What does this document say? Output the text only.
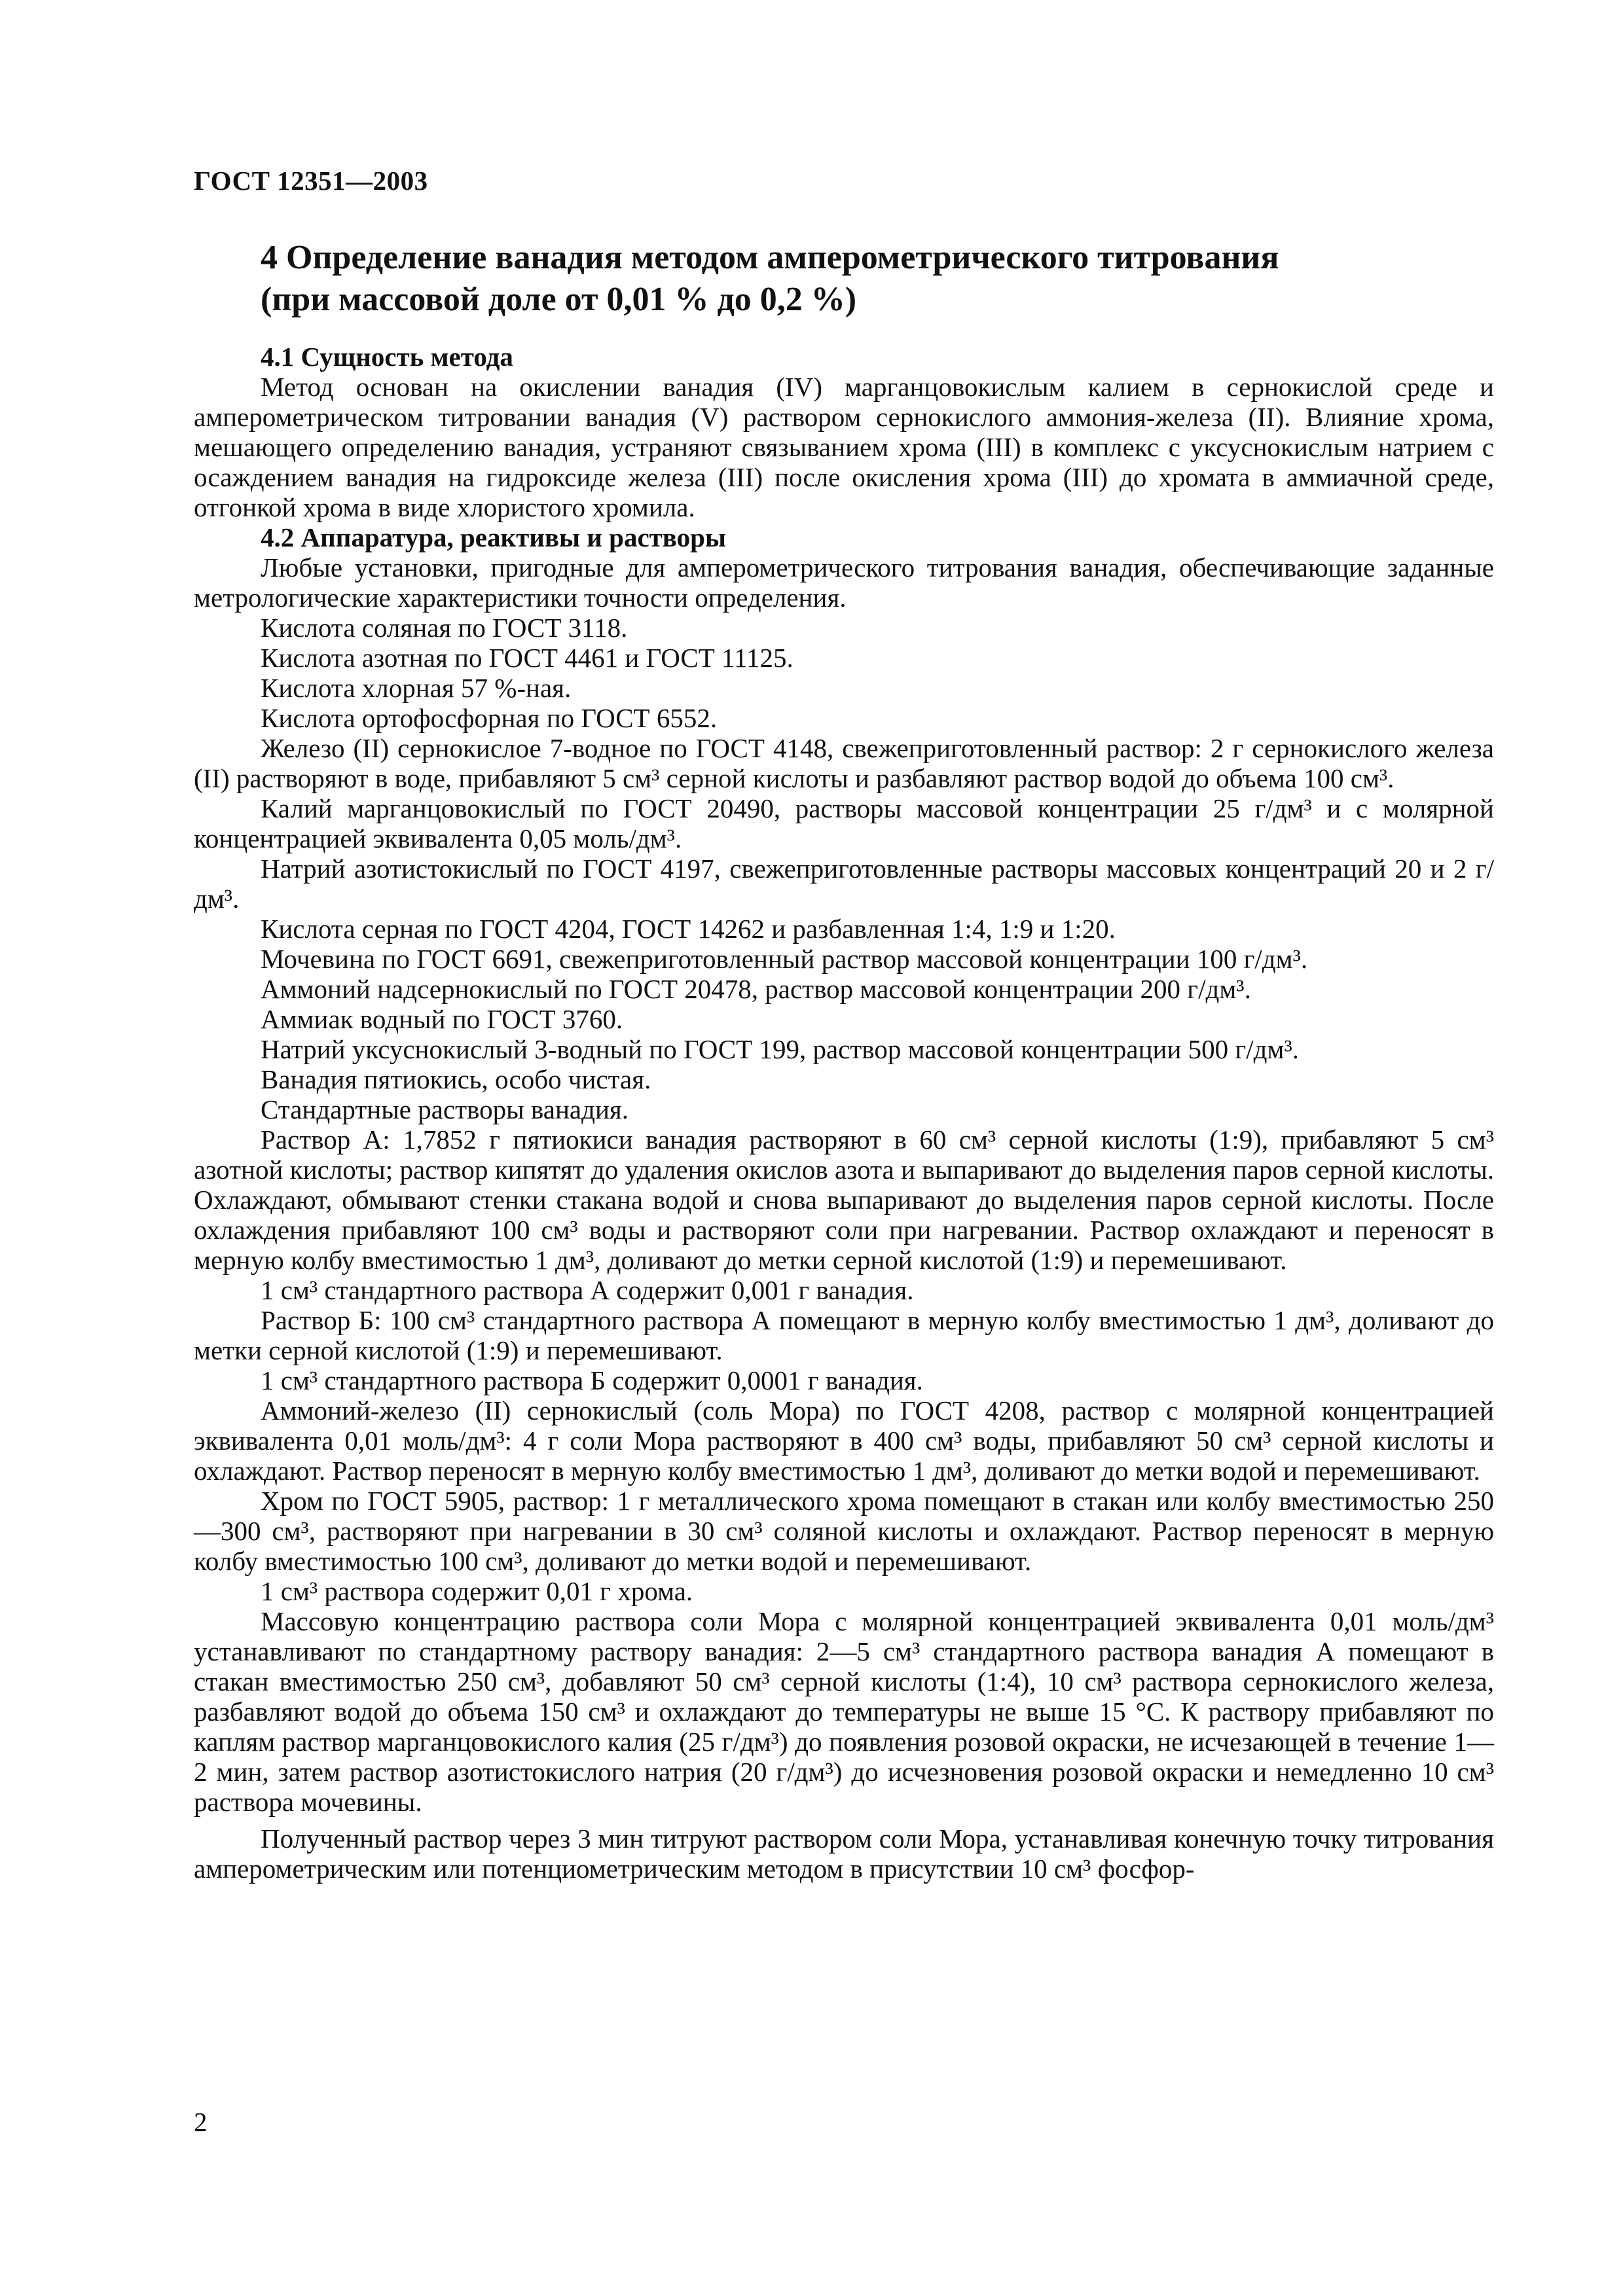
ГОСТ 12351—2003
4 Определение ванадия методом амперометрического титрования
(при массовой доле от 0,01 % до 0,2 %)

4.1 Сущность метода

Метод основан на окислении ванадия (IV) марганцовокислым калием в сернокислой среде и амперометрическом титровании ванадия (V) раствором сернокислого аммония-железа (II). Влияние хрома, мешающего определению ванадия, устраняют связыванием хрома (III) в комплекс с уксуснокислым натрием с осаждением ванадия на гидроксиде железа (III) после окисления хрома (III) до хромата в аммиачной среде, отгонкой хрома в виде хлористого хромила.

4.2 Аппаратура, реактивы и растворы

Любые установки, пригодные для амперометрического титрования ванадия, обеспечивающие заданные метрологические характеристики точности определения.

Кислота соляная по ГОСТ 3118.

Кислота азотная по ГОСТ 4461 и ГОСТ 11125.

Кислота хлорная 57 %-ная.

Кислота ортофосфорная по ГОСТ 6552.

Железо (II) сернокислое 7-водное по ГОСТ 4148, свежеприготовленный раствор: 2 г сернокислого железа (II) растворяют в воде, прибавляют 5 см³ серной кислоты и разбавляют раствор водой до объема 100 см³.

Калий марганцовокислый по ГОСТ 20490, растворы массовой концентрации 25 г/дм³ и с молярной концентрацией эквивалента 0,05 моль/дм³.

Натрий азотистокислый по ГОСТ 4197, свежеприготовленные растворы массовых концентраций 20 и 2 г/дм³.

Кислота серная по ГОСТ 4204, ГОСТ 14262 и разбавленная 1:4, 1:9 и 1:20.

Мочевина по ГОСТ 6691, свежеприготовленный раствор массовой концентрации 100 г/дм³.

Аммоний надсернокислый по ГОСТ 20478, раствор массовой концентрации 200 г/дм³.

Аммиак водный по ГОСТ 3760.

Натрий уксуснокислый 3-водный по ГОСТ 199, раствор массовой концентрации 500 г/дм³.

Ванадия пятиокись, особо чистая.

Стандартные растворы ванадия.

Раствор А: 1,7852 г пятиокиси ванадия растворяют в 60 см³ серной кислоты (1:9), прибавляют 5 см³ азотной кислоты; раствор кипятят до удаления окислов азота и выпаривают до выделения паров серной кислоты. Охлаждают, обмывают стенки стакана водой и снова выпаривают до выделения паров серной кислоты. После охлаждения прибавляют 100 см³ воды и растворяют соли при нагревании. Раствор охлаждают и переносят в мерную колбу вместимостью 1 дм³, доливают до метки серной кислотой (1:9) и перемешивают.

1 см³ стандартного раствора А содержит 0,001 г ванадия.

Раствор Б: 100 см³ стандартного раствора А помещают в мерную колбу вместимостью 1 дм³, доливают до метки серной кислотой (1:9) и перемешивают.

1 см³ стандартного раствора Б содержит 0,0001 г ванадия.

Аммоний-железо (II) сернокислый (соль Мора) по ГОСТ 4208, раствор с молярной концентрацией эквивалента 0,01 моль/дм³: 4 г соли Мора растворяют в 400 см³ воды, прибавляют 50 см³ серной кислоты и охлаждают. Раствор переносят в мерную колбу вместимостью 1 дм³, доливают до метки водой и перемешивают.

Хром по ГОСТ 5905, раствор: 1 г металлического хрома помещают в стакан или колбу вместимостью 250—300 см³, растворяют при нагревании в 30 см³ соляной кислоты и охлаждают. Раствор переносят в мерную колбу вместимостью 100 см³, доливают до метки водой и перемешивают.

1 см³ раствора содержит 0,01 г хрома.

Массовую концентрацию раствора соли Мора с молярной концентрацией эквивалента 0,01 моль/дм³ устанавливают по стандартному раствору ванадия: 2—5 см³ стандартного раствора ванадия А помещают в стакан вместимостью 250 см³, добавляют 50 см³ серной кислоты (1:4), 10 см³ раствора сернокислого железа, разбавляют водой до объема 150 см³ и охлаждают до температуры не выше 15 °С. К раствору прибавляют по каплям раствор марганцовокислого калия (25 г/дм³) до появления розовой окраски, не исчезающей в течение 1—2 мин, затем раствор азотистокислого натрия (20 г/дм³) до исчезновения розовой окраски и немедленно 10 см³ раствора мочевины.

Полученный раствор через 3 мин титруют раствором соли Мора, устанавливая конечную точку титрования амперометрическим или потенциометрическим методом в присутствии 10 см³ фосфор-

2
